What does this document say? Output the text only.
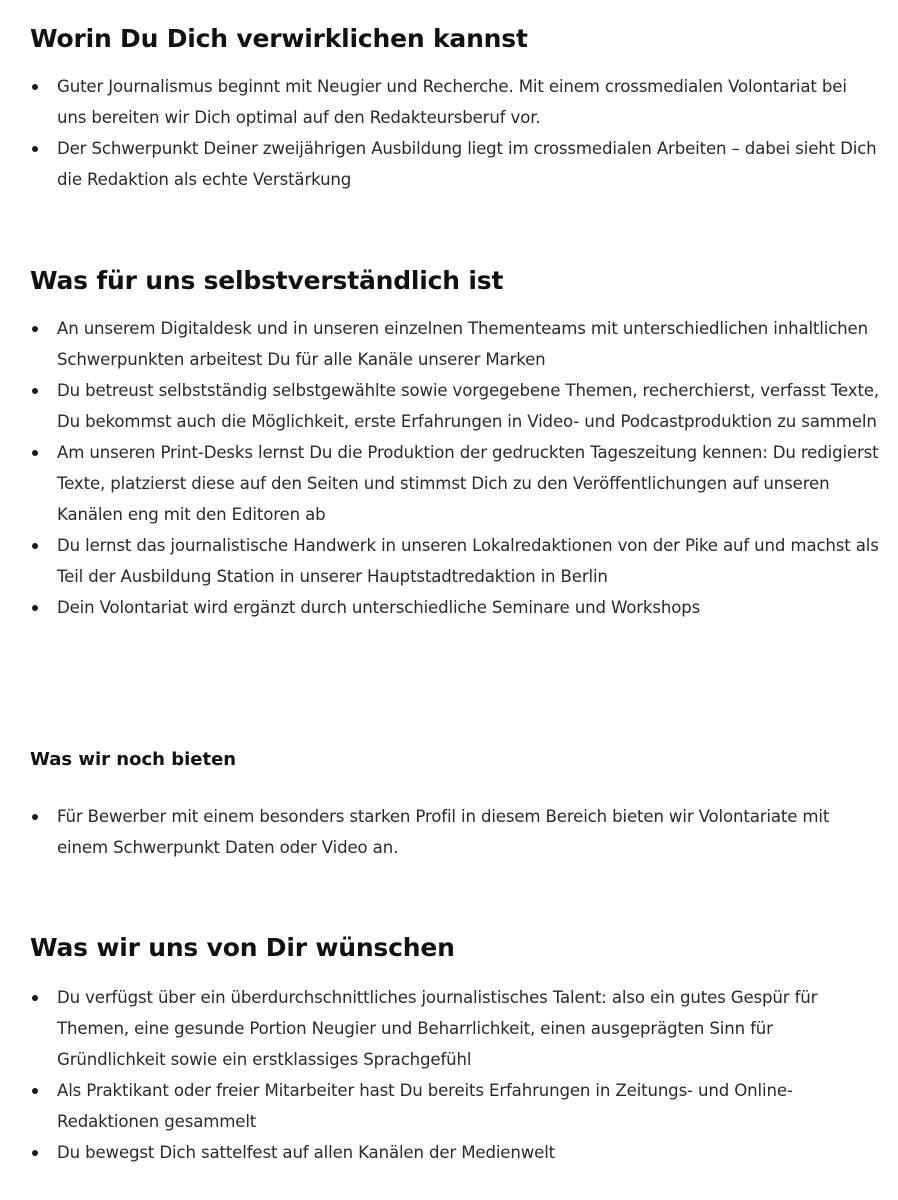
Worin Du Dich verwirklichen kannst
Guter Journalismus beginnt mit Neugier und Recherche. Mit einem crossmedialen Volontariat bei uns bereiten wir Dich optimal auf den Redakteursberuf vor.
Der Schwerpunkt Deiner zweijährigen Ausbildung liegt im crossmedialen Arbeiten – dabei sieht Dich die Redaktion als echte Verstärkung
Was für uns selbstverständlich ist
An unserem Digitaldesk und in unseren einzelnen Thementeams mit unterschiedlichen inhaltlichen Schwerpunkten arbeitest Du für alle Kanäle unserer Marken
Du betreust selbstständig selbstgewählte sowie vorgegebene Themen, recherchierst, verfasst Texte, Du bekommst auch die Möglichkeit, erste Erfahrungen in Video- und Podcastproduktion zu sammeln
Am unseren Print-Desks lernst Du die Produktion der gedruckten Tageszeitung kennen: Du redigierst Texte, platzierst diese auf den Seiten und stimmst Dich zu den Veröffentlichungen auf unseren Kanälen eng mit den Editoren ab
Du lernst das journalistische Handwerk in unseren Lokalredaktionen von der Pike auf und machst als Teil der Ausbildung Station in unserer Hauptstadtredaktion in Berlin
Dein Volontariat wird ergänzt durch unterschiedliche Seminare und Workshops
Was wir noch bieten
Für Bewerber mit einem besonders starken Profil in diesem Bereich bieten wir Volontariate mit einem Schwerpunkt Daten oder Video an.
Was wir uns von Dir wünschen
Du verfügst über ein überdurchschnittliches journalistisches Talent: also ein gutes Gespür für Themen, eine gesunde Portion Neugier und Beharrlichkeit, einen ausgeprägten Sinn für Gründlichkeit sowie ein erstklassiges Sprachgefühl
Als Praktikant oder freier Mitarbeiter hast Du bereits Erfahrungen in Zeitungs- und Online-Redaktionen gesammelt
Du bewegst Dich sattelfest auf allen Kanälen der Medienwelt
